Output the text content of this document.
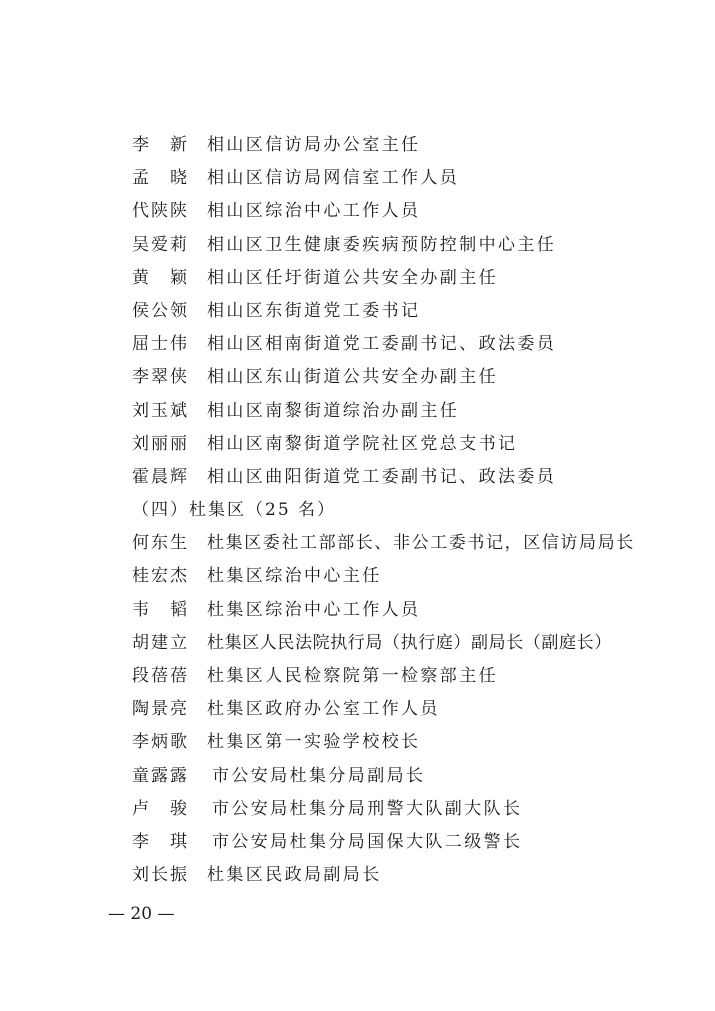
李　新 相山区信访局办公室主任
孟　晓 相山区信访局网信室工作人员
代陕陕 相山区综治中心工作人员
吴爱莉 相山区卫生健康委疾病预防控制中心主任
黄　颖 相山区任圩街道公共安全办副主任
侯公领 相山区东街道党工委书记
屈士伟 相山区相南街道党工委副书记、政法委员
李翠侠 相山区东山街道公共安全办副主任
刘玉斌 相山区南黎街道综治办副主任
刘丽丽 相山区南黎街道学院社区党总支书记
霍晨辉 相山区曲阳街道党工委副书记、政法委员
（四）杜集区（25 名）
何东生 杜集区委社工部部长、非公工委书记，区信访局局长
桂宏杰 杜集区综治中心主任
韦　韬 杜集区综治中心工作人员
胡建立 杜集区人民法院执行局（执行庭）副局长（副庭长）
段蓓蓓 杜集区人民检察院第一检察部主任
陶景亮 杜集区政府办公室工作人员
李炳歌 杜集区第一实验学校校长
童露露 市公安局杜集分局副局长
卢　骏 市公安局杜集分局刑警大队副大队长
李　琪 市公安局杜集分局国保大队二级警长
刘长振 杜集区民政局副局长
— 20 —
